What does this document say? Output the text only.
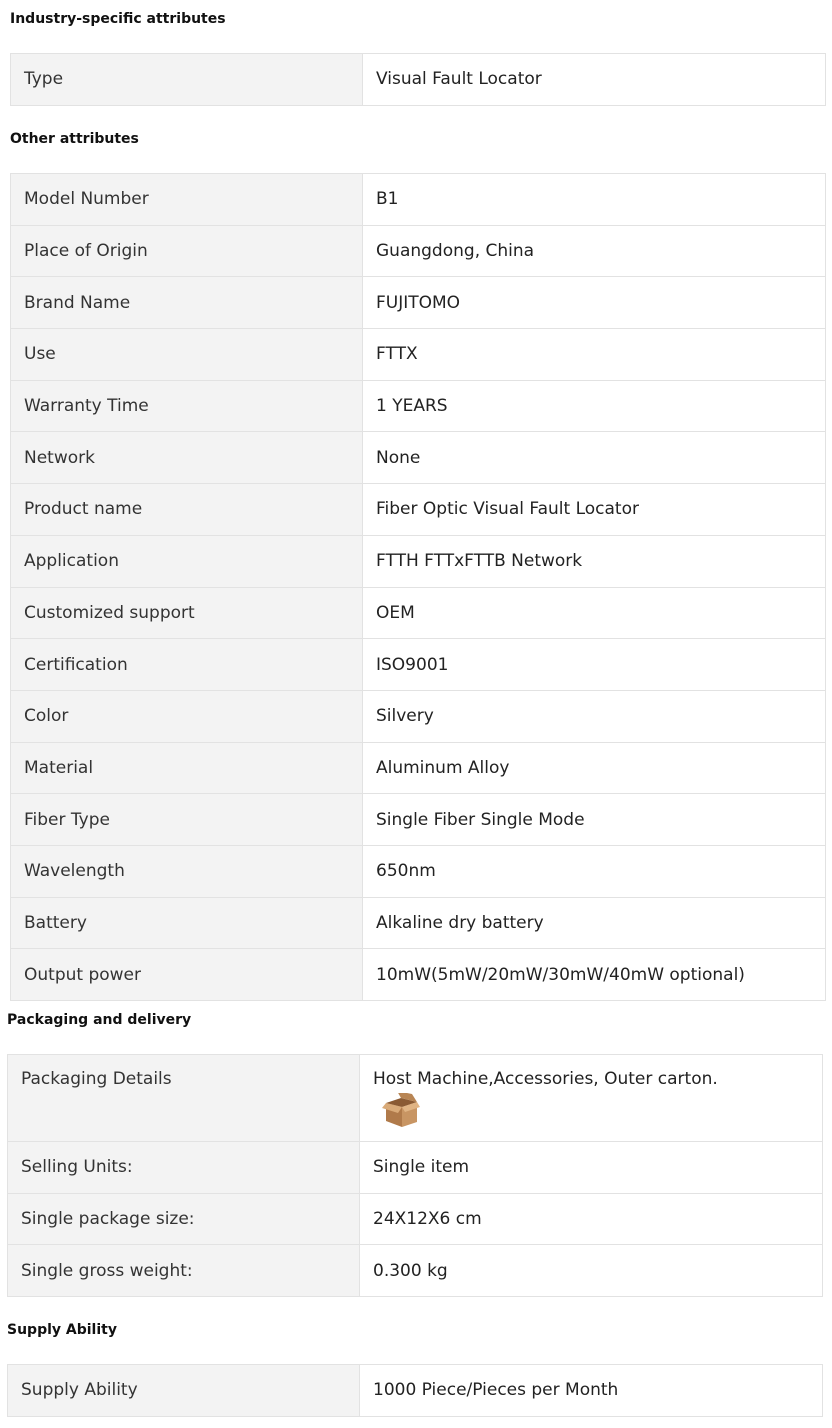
Industry-specific attributes
Type	Visual Fault Locator
Other attributes
Model Number	B1
Place of Origin	Guangdong, China
Brand Name	FUJITOMO
Use	FTTX
Warranty Time	1 YEARS
Network	None
Product name	Fiber Optic Visual Fault Locator
Application	FTTH FTTxFTTB Network
Customized support	OEM
Certification	ISO9001
Color	Silvery
Material	Aluminum Alloy
Fiber Type	Single Fiber Single Mode
Wavelength	650nm
Battery	Alkaline dry battery
Output power	10mW(5mW/20mW/30mW/40mW optional)
Packaging and delivery
Packaging Details	Host Machine,Accessories, Outer carton.

Selling Units:	Single item
Single package size:	24X12X6 cm
Single gross weight:	0.300 kg
Supply Ability
Supply Ability	1000 Piece/Pieces per Month
